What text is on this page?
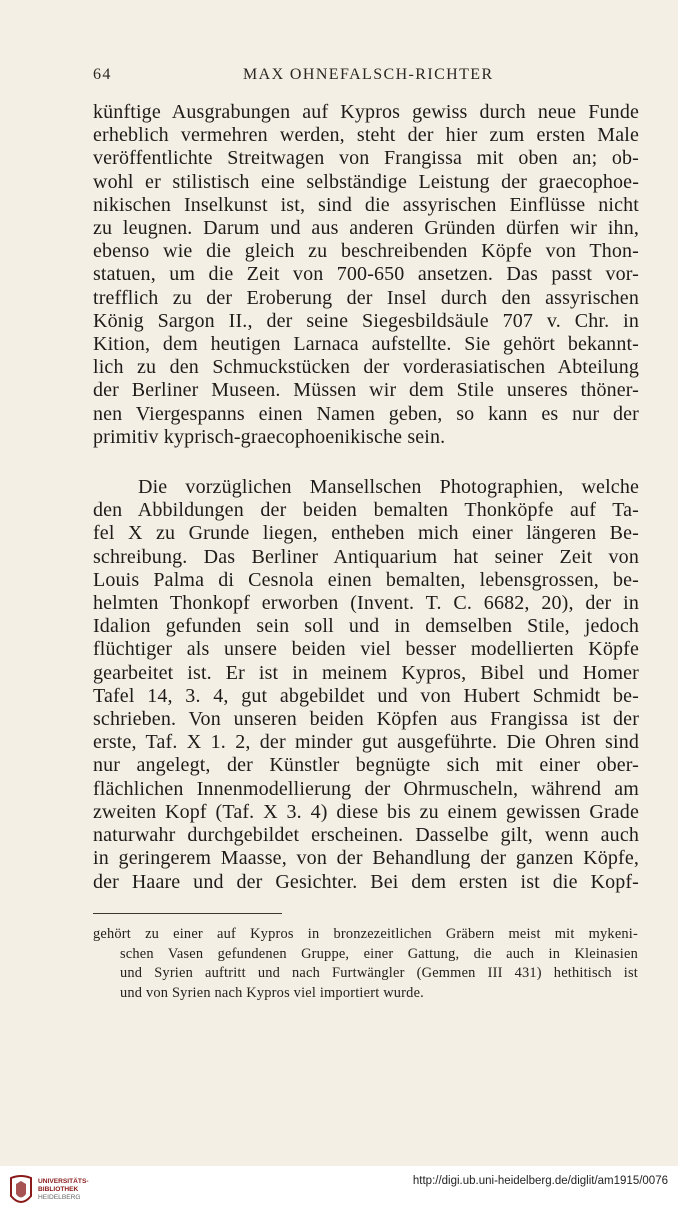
64	MAX OHNEFALSCH-RICHTER
künftige Ausgrabungen auf Kypros gewiss durch neue Funde
erheblich vermehren werden, steht der hier zum ersten Male
veröffentlichte Streitwagen von Frangissa mit oben an; ob-
wohl er stilistisch eine selbständige Leistung der graecophoe-
nikischen Inselkunst ist, sind die assyrischen Einflüsse nicht
zu leugnen. Darum und aus anderen Gründen dürfen wir ihn,
ebenso wie die gleich zu beschreibenden Köpfe von Thon-
statuen, um die Zeit von 700-650 ansetzen. Das passt vor-
trefflich zu der Eroberung der Insel durch den assyrischen
König Sargon II., der seine Siegesbildsäule 707 v. Chr. in
Kition, dem heutigen Larnaca aufstellte. Sie gehört bekannt-
lich zu den Schmuckstücken der vorderasiatischen Abteilung
der Berliner Museen. Müssen wir dem Stile unseres thöner-
nen Viergespanns einen Namen geben, so kann es nur der
primitiv kyprisch-graecophoenikische sein.
Die vorzüglichen Mansellschen Photographien, welche
den Abbildungen der beiden bemalten Thonköpfe auf Ta-
fel X zu Grunde liegen, entheben mich einer längeren Be-
schreibung. Das Berliner Antiquarium hat seiner Zeit von
Louis Palma di Cesnola einen bemalten, lebensgrossen, be-
helmten Thonkopf erworben (Invent. T. C. 6682, 20), der in
Idalion gefunden sein soll und in demselben Stile, jedoch
flüchtiger als unsere beiden viel besser modellierten Köpfe
gearbeitet ist. Er ist in meinem Kypros, Bibel und Homer
Tafel 14, 3. 4, gut abgebildet und von Hubert Schmidt be-
schrieben. Von unseren beiden Köpfen aus Frangissa ist der
erste, Taf. X 1. 2, der minder gut ausgeführte. Die Ohren sind
nur angelegt, der Künstler begnügte sich mit einer ober-
flächlichen Innenmodellierung der Ohrmuscheln, während am
zweiten Kopf (Taf. X 3. 4) diese bis zu einem gewissen Grade
naturwahr durchgebildet erscheinen. Dasselbe gilt, wenn auch
in geringerem Maasse, von der Behandlung der ganzen Köpfe,
der Haare und der Gesichter. Bei dem ersten ist die Kopf-
gehört zu einer auf Kypros in bronzezeitlichen Gräbern meist mit mykeni-
schen Vasen gefundenen Gruppe, einer Gattung, die auch in Kleinasien
und Syrien auftritt und nach Furtwängler (Gemmen III 431) hethitisch ist
und von Syrien nach Kypros viel importiert wurde.
UNIVERSITÄTS-
BIBLIOTHEK
HEIDELBERG
http://digi.ub.uni-heidelberg.de/diglit/am1915/0076
